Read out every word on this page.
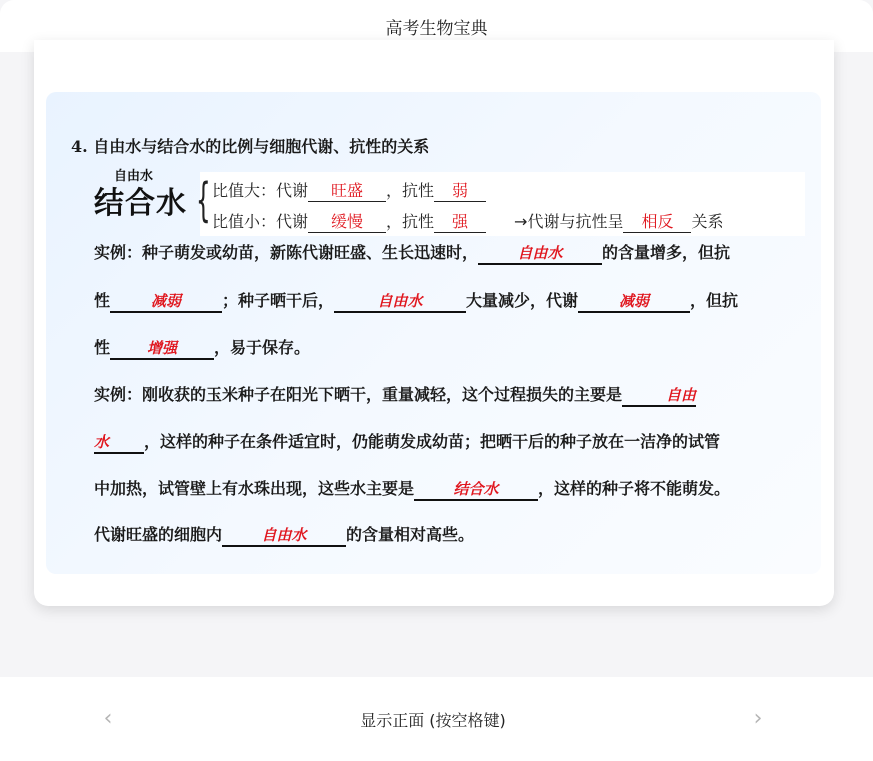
高考生物宝典
4. 自由水与结合水的比例与细胞代谢、抗性的关系
自由水
结合水 { 比值大：代谢	旺盛	，抗性	弱
比值小：代谢	缓慢	，抗性	强	→代谢与抗性呈	相反	关系
实例：种子萌发或幼苗，新陈代谢旺盛、生长迅速时，	自由水	的含量增多，但抗
性	减弱	；种子晒干后，	自由水	大量减少，代谢	减弱	，但抗
性	增强	，易于保存。
实例：刚收获的玉米种子在阳光下晒干，重量减轻，这个过程损失的主要是	自由
水	，这样的种子在条件适宜时，仍能萌发成幼苗；把晒干后的种子放在一洁净的试管
中加热，试管壁上有水珠出现，这些水主要是	结合水	，这样的种子将不能萌发。
代谢旺盛的细胞内	自由水	的含量相对高些。
‹	显示正面 (按空格键)	›
